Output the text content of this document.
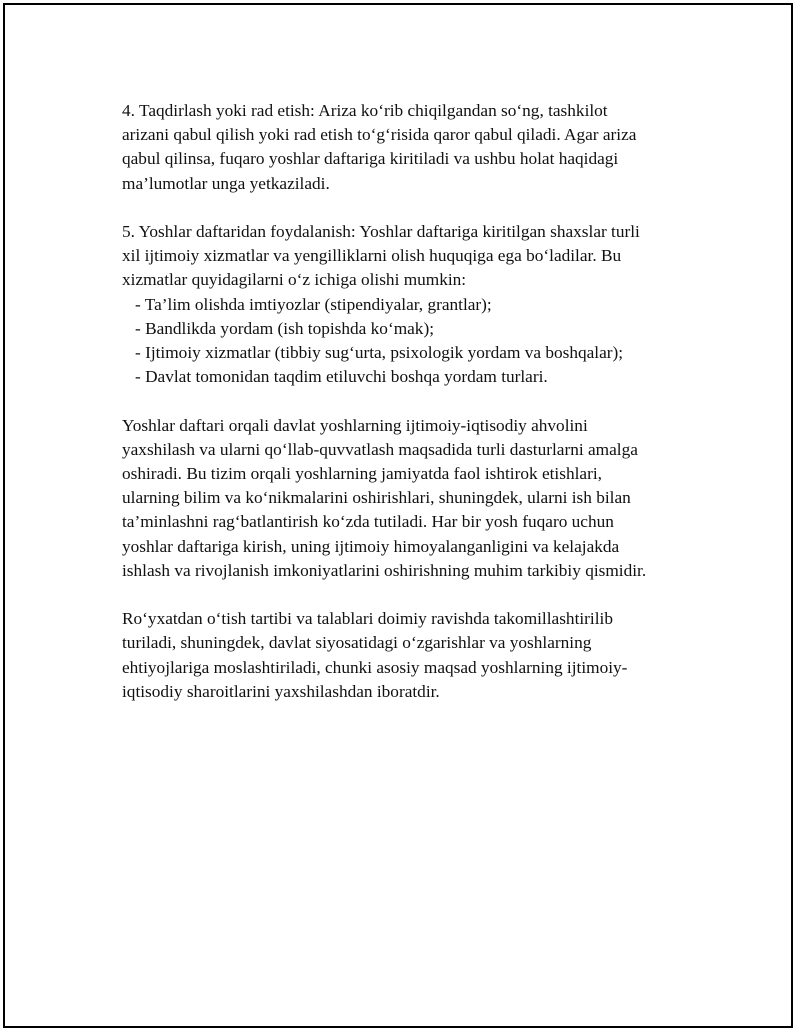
4. Taqdirlash yoki rad etish: Ariza ko‘rib chiqilgandan so‘ng, tashkilot
arizani qabul qilish yoki rad etish to‘g‘risida qaror qabul qiladi. Agar ariza
qabul qilinsa, fuqaro yoshlar daftariga kiritiladi va ushbu holat haqidagi
ma’lumotlar unga yetkaziladi.

5. Yoshlar daftaridan foydalanish: Yoshlar daftariga kiritilgan shaxslar turli
xil ijtimoiy xizmatlar va yengilliklarni olish huquqiga ega bo‘ladilar. Bu
xizmatlar quyidagilarni o‘z ichiga olishi mumkin:

- Ta’lim olishda imtiyozlar (stipendiyalar, grantlar);
- Bandlikda yordam (ish topishda ko‘mak);
- Ijtimoiy xizmatlar (tibbiy sug‘urta, psixologik yordam va boshqalar);
- Davlat tomonidan taqdim etiluvchi boshqa yordam turlari.

Yoshlar daftari orqali davlat yoshlarning ijtimoiy-iqtisodiy ahvolini
yaxshilash va ularni qo‘llab-quvvatlash maqsadida turli dasturlarni amalga
oshiradi. Bu tizim orqali yoshlarning jamiyatda faol ishtirok etishlari,
ularning bilim va ko‘nikmalarini oshirishlari, shuningdek, ularni ish bilan
ta’minlashni rag‘batlantirish ko‘zda tutiladi. Har bir yosh fuqaro uchun
yoshlar daftariga kirish, uning ijtimoiy himoyalanganligini va kelajakda
ishlash va rivojlanish imkoniyatlarini oshirishning muhim tarkibiy qismidir.

Ro‘yxatdan o‘tish tartibi va talablari doimiy ravishda takomillashtirilib
turiladi, shuningdek, davlat siyosatidagi o‘zgarishlar va yoshlarning
ehtiyojlariga moslashtiriladi, chunki asosiy maqsad yoshlarning ijtimoiy-
iqtisodiy sharoitlarini yaxshilashdan iboratdir.
